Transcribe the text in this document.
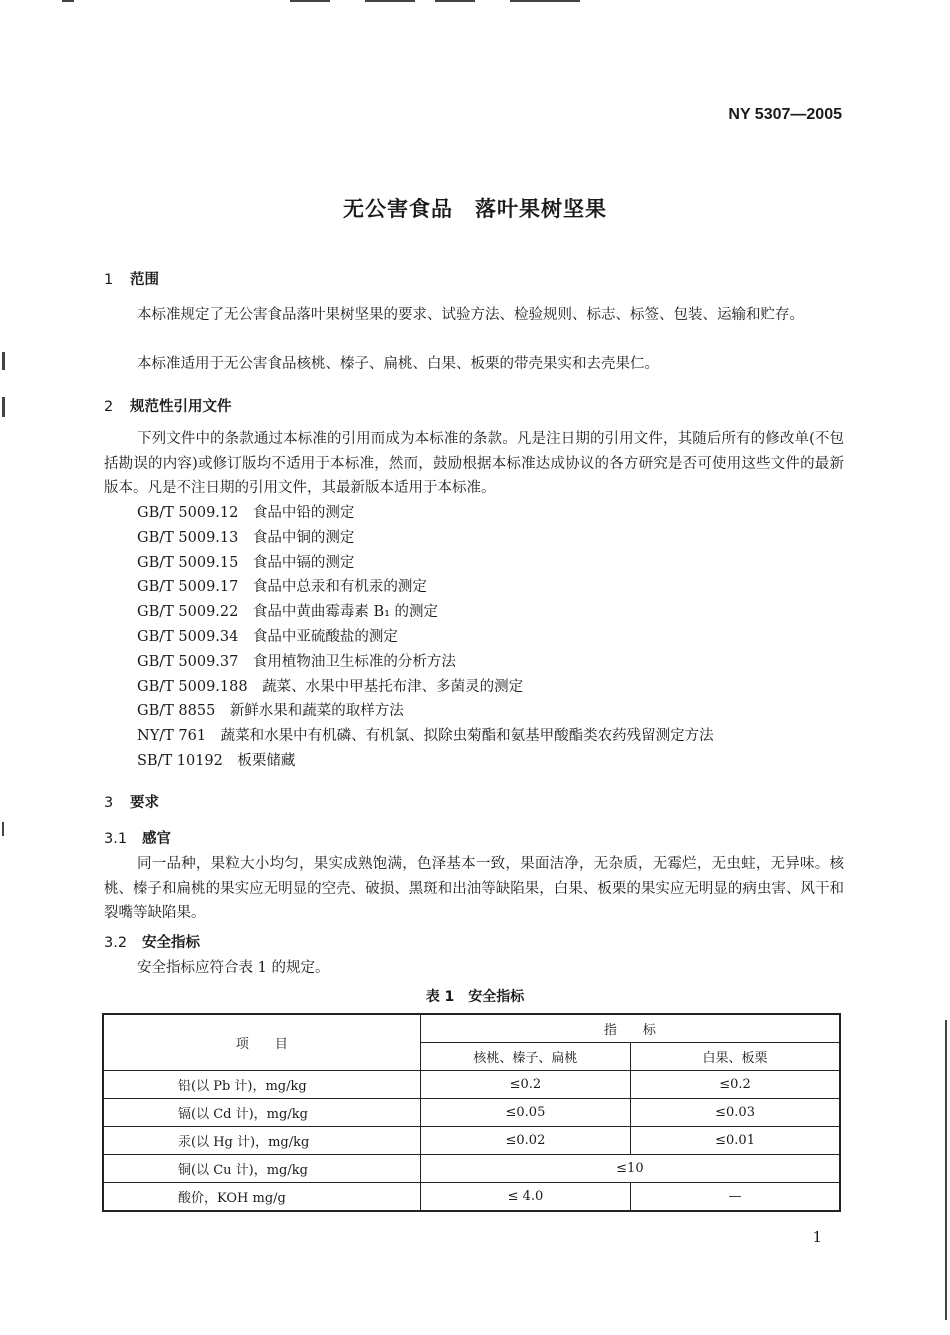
NY 5307—2005
无公害食品　落叶果树坚果
1 范围
本标准规定了无公害食品落叶果树坚果的要求、试验方法、检验规则、标志、标签、包装、运输和贮存。
本标准适用于无公害食品核桃、榛子、扁桃、白果、板栗的带壳果实和去壳果仁。
2 规范性引用文件
下列文件中的条款通过本标准的引用而成为本标准的条款。凡是注日期的引用文件，其随后所有的修改单(不包括勘误的内容)或修订版均不适用于本标准，然而，鼓励根据本标准达成协议的各方研究是否可使用这些文件的最新版本。凡是不注日期的引用文件，其最新版本适用于本标准。
GB/T 5009.12　 食品中铅的测定
GB/T 5009.13　 食品中铜的测定
GB/T 5009.15　 食品中镉的测定
GB/T 5009.17　 食品中总汞和有机汞的测定
GB/T 5009.22　 食品中黄曲霉毒素 B₁ 的测定
GB/T 5009.34　 食品中亚硫酸盐的测定
GB/T 5009.37　 食用植物油卫生标准的分析方法
GB/T 5009.188　 蔬菜、水果中甲基托布津、多菌灵的测定
GB/T 8855　 新鲜水果和蔬菜的取样方法
NY/T 761　 蔬菜和水果中有机磷、有机氯、拟除虫菊酯和氨基甲酸酯类农药残留测定方法
SB/T 10192　 板栗储藏
3 要求
3.1 感官
同一品种，果粒大小均匀，果实成熟饱满，色泽基本一致，果面洁净，无杂质，无霉烂，无虫蛀，无异味。核桃、榛子和扁桃的果实应无明显的空壳、破损、黑斑和出油等缺陷果，白果、板栗的果实应无明显的病虫害、风干和裂嘴等缺陷果。
3.2 安全指标
安全指标应符合表 1 的规定。
表 1　安全指标
项　　目	指　　标	
	核桃、榛子、扁桃	白果、板栗
铅(以 Pb 计)，mg/kg	≤0.2	≤0.2
镉(以 Cd 计)，mg/kg	≤0.05	≤0.03
汞(以 Hg 计)，mg/kg	≤0.02	≤0.01
铜(以 Cu 计)，mg/kg	≤10	
酸价，KOH mg/g	≤ 4.0	—
1
